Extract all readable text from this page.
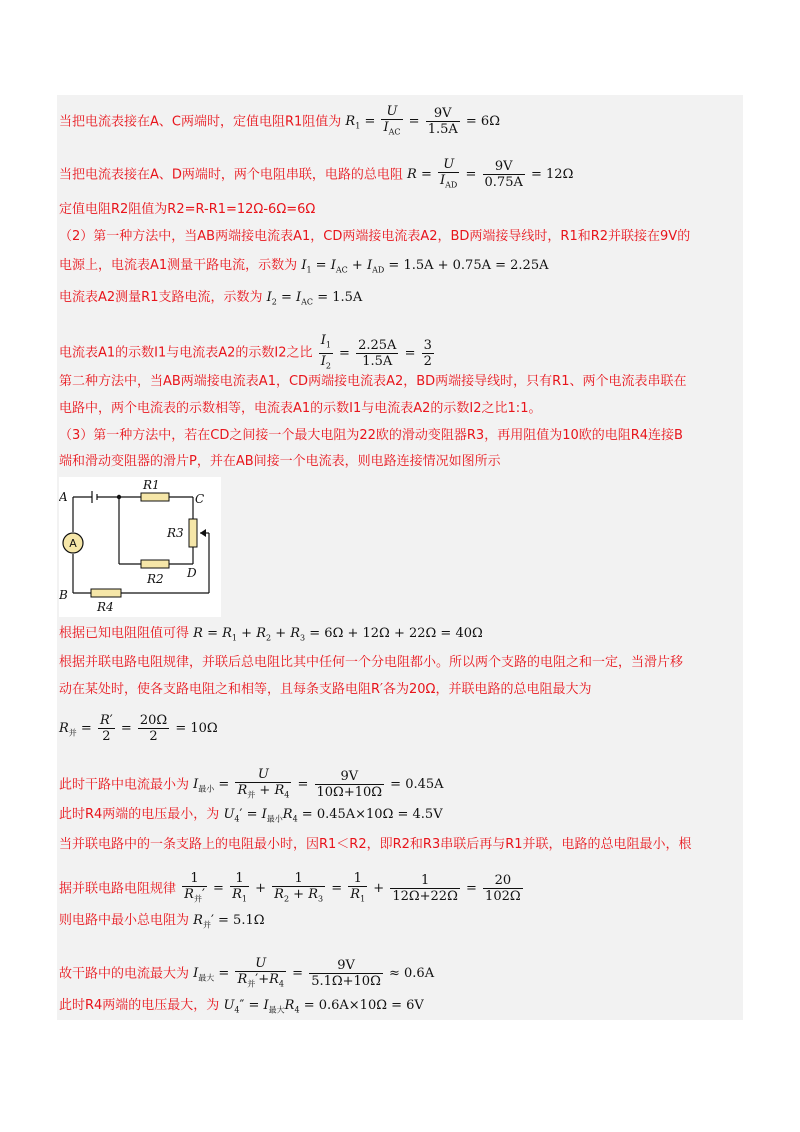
当把电流表接在A、C两端时，定值电阻R1阻值为 $R_1 = \frac{U}{I_{AC}} = \frac{9V}{1.5A} = 6\Omega$
当把电流表接在A、D两端时，两个电阻串联，电路的总电阻 $R = \frac{U}{I_{AD}} = \frac{9V}{0.75A} = 12\Omega$
定值电阻R2阻值为R2=R-R1=12Ω-6Ω=6Ω
（2）第一种方法中，当AB两端接电流表A1，CD两端接电流表A2，BD两端接导线时，R1和R2并联接在9V的
电源上，电流表A1测量干路电流，示数为 $I_1 = I_{AC} + I_{AD} = 1.5A + 0.75A = 2.25A$
电流表A2测量R1支路电流，示数为 $I_2 = I_{AC} = 1.5A$
电流表A1的示数I1与电流表A2的示数I2之比 $\frac{I_1}{I_2} = \frac{2.25A}{1.5A} = \frac{3}{2}$
第二种方法中，当AB两端接电流表A1，CD两端接电流表A2，BD两端接导线时，只有R1、两个电流表串联在
电路中，两个电流表的示数相等，电流表A1的示数I1与电流表A2的示数I2之比1:1。
（3）第一种方法中，若在CD之间接一个最大电阻为22欧的滑动变阻器R3，再用阻值为10欧的电阻R4连接B
端和滑动变阻器的滑片P，并在AB间接一个电流表，则电路连接情况如图所示
A
B
C
D
R1
R2
R3
R4
A
根据已知电阻阻值可得 $R = R_1 + R_2 + R_3 = 6\Omega + 12\Omega + 22\Omega = 40\Omega$
根据并联电路电阻规律，并联后总电阻比其中任何一个分电阻都小。所以两个支路的电阻之和一定，当滑片移
动在某处时，使各支路电阻之和相等，且每条支路电阻R′各为20Ω，并联电路的总电阻最大为
$R_并 = \frac{R'}{2} = \frac{20\Omega}{2} = 10\Omega$
此时干路中电流最小为 $I_{最小} = \frac{U}{R_并 + R_4} = \frac{9V}{10\Omega+10\Omega} = 0.45A$
此时R4两端的电压最小，为 $U_4' = I_{最小}R_4 = 0.45A\times 10\Omega = 4.5V$
当并联电路中的一条支路上的电阻最小时，因R1＜R2，即R2和R3串联后再与R1并联，电路的总电阻最小，根
据并联电路电阻规律 $\frac{1}{R_并'} = \frac{1}{R_1} + \frac{1}{R_2 + R_3} = \frac{1}{R_1} + \frac{1}{12\Omega+22\Omega} = \frac{20}{102\Omega}$
则电路中最小总电阻为 $R_并' = 5.1\Omega$
故干路中的电流最大为 $I_{最大} = \frac{U}{R_并'+R_4} = \frac{9V}{5.1\Omega+10\Omega} \approx 0.6A$
此时R4两端的电压最大，为 $U_4'' = I_{最大}R_4 = 0.6A\times 10\Omega = 6V$
